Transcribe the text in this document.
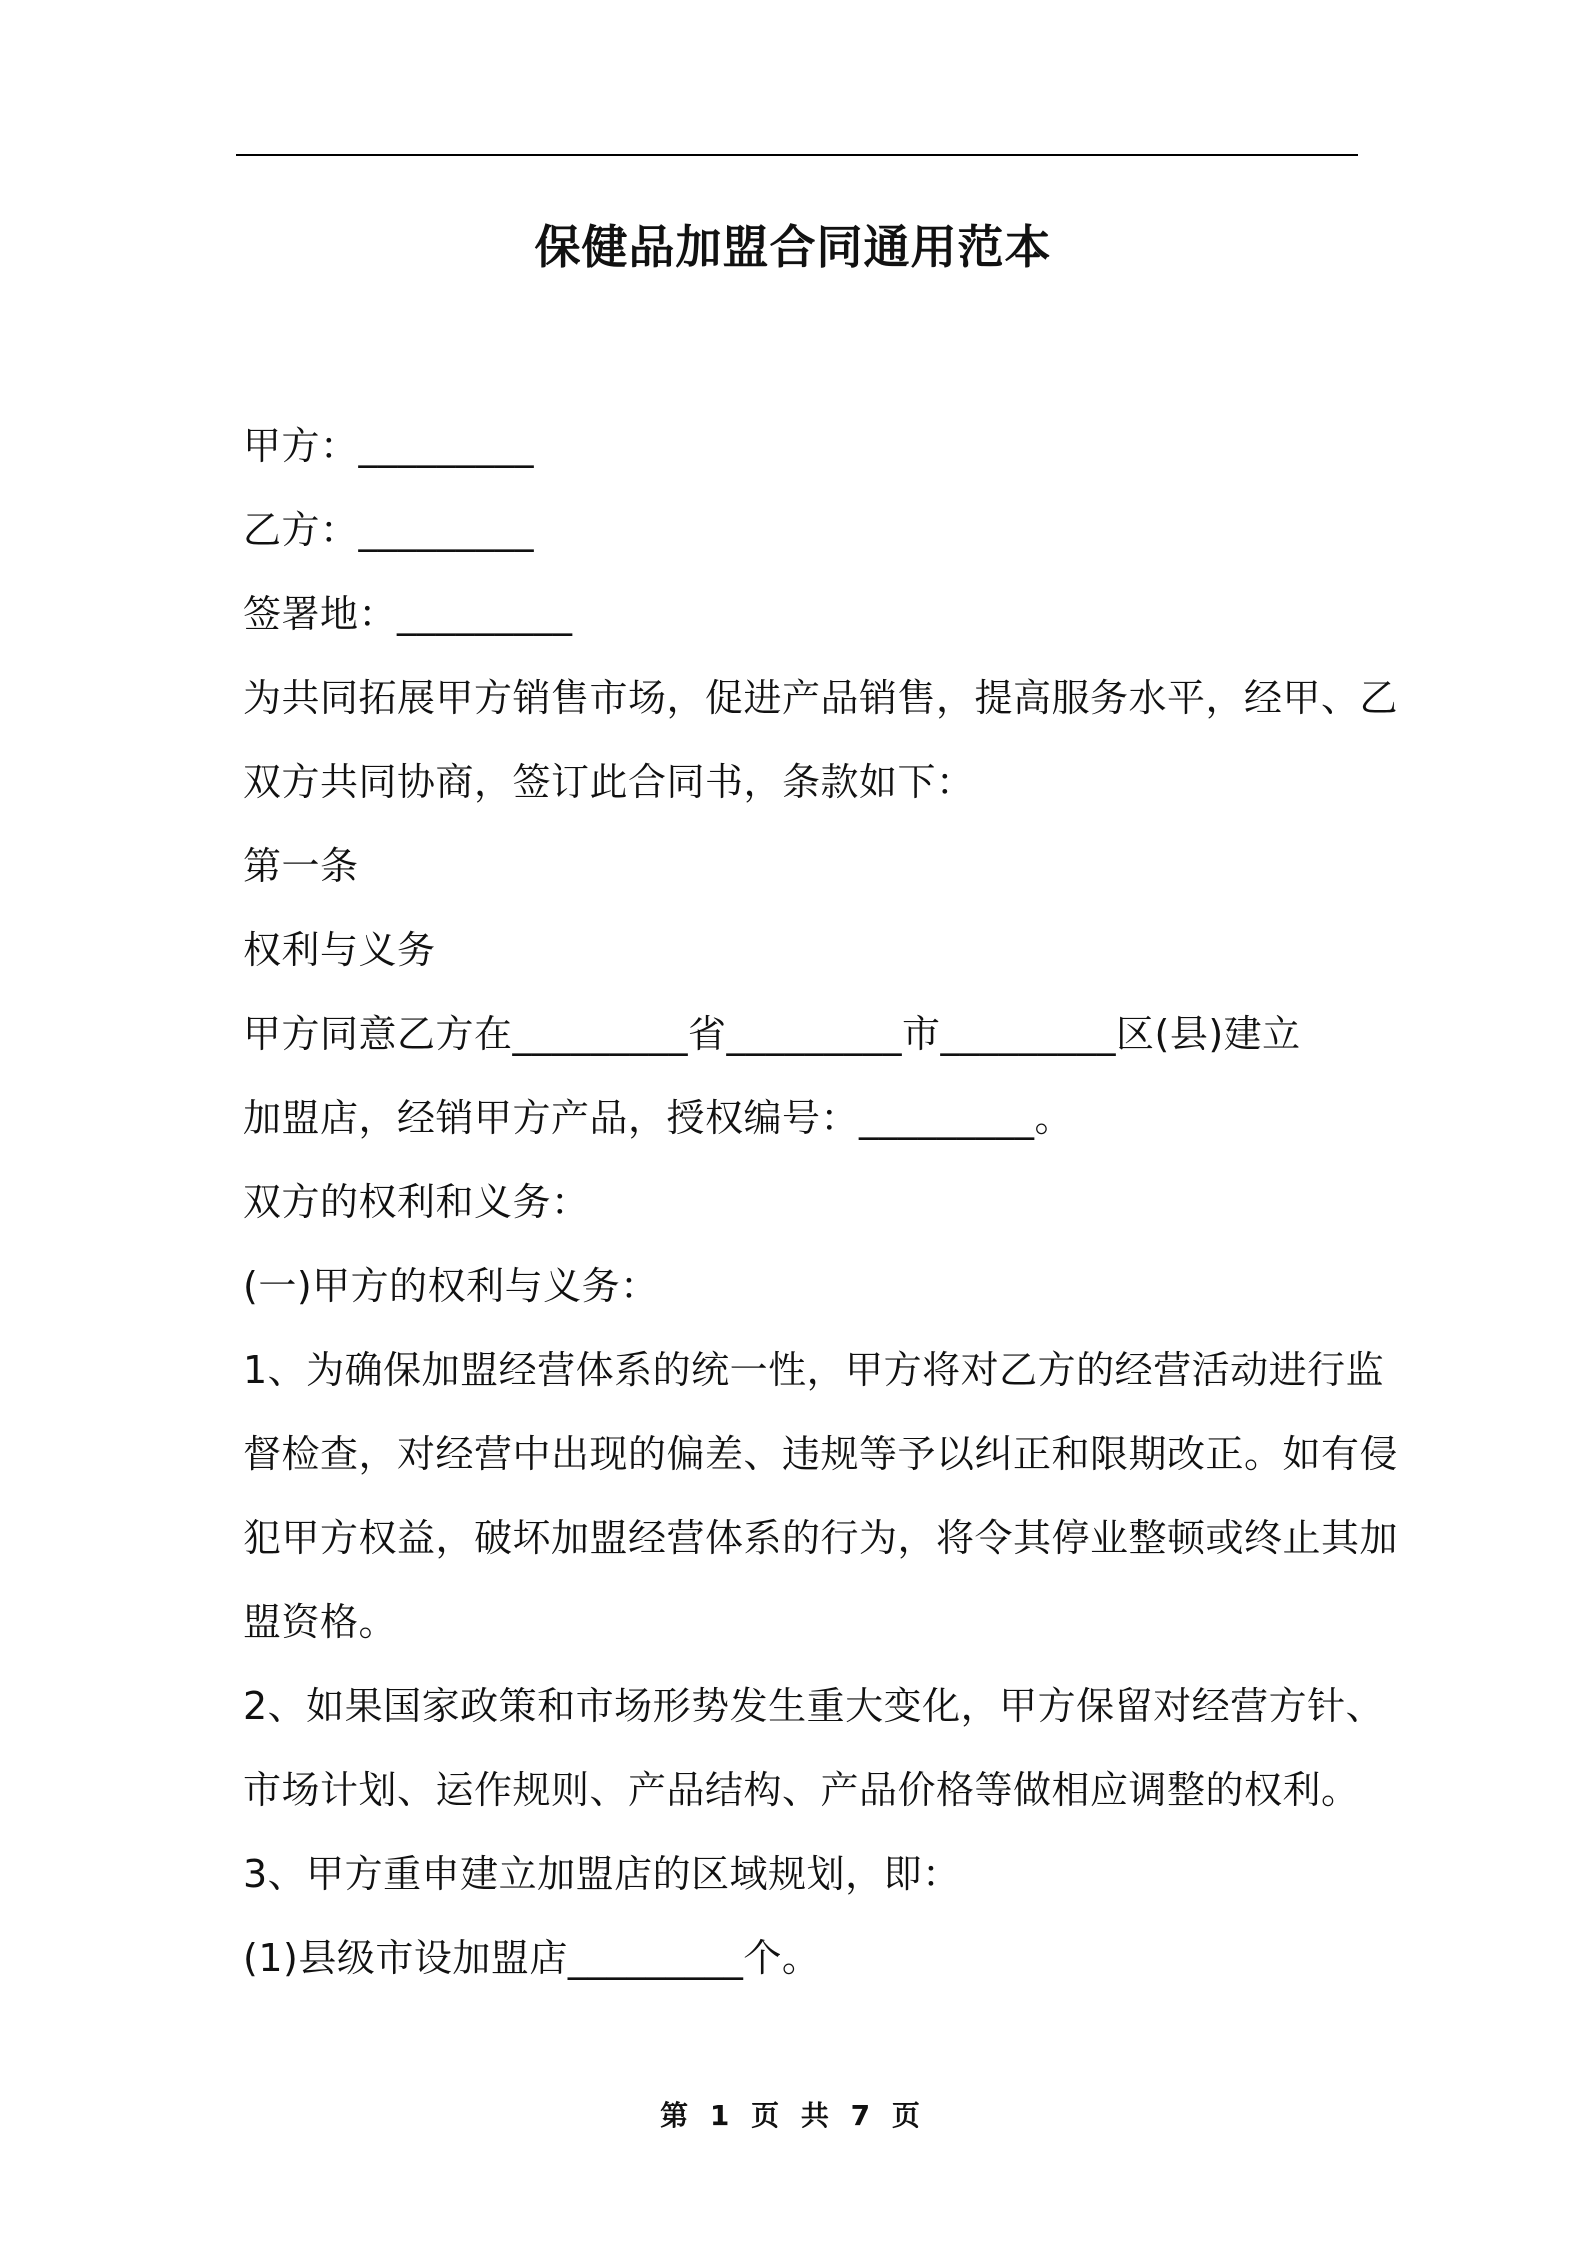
保健品加盟合同通用范本
甲方：_________
乙方：_________
签署地：_________
为共同拓展甲方销售市场，促进产品销售，提高服务水平，经甲、乙
双方共同协商，签订此合同书，条款如下：
第一条
权利与义务
甲方同意乙方在_________省_________市_________区(县)建立
加盟店，经销甲方产品，授权编号：_________。
双方的权利和义务：
(一)甲方的权利与义务：
1、为确保加盟经营体系的统一性，甲方将对乙方的经营活动进行监
督检查，对经营中出现的偏差、违规等予以纠正和限期改正。如有侵
犯甲方权益，破坏加盟经营体系的行为，将令其停业整顿或终止其加
盟资格。
2、如果国家政策和市场形势发生重大变化，甲方保留对经营方针、
市场计划、运作规则、产品结构、产品价格等做相应调整的权利。
3、甲方重申建立加盟店的区域规划，即：
(1)县级市设加盟店_________个。
第 1 页 共 7 页
